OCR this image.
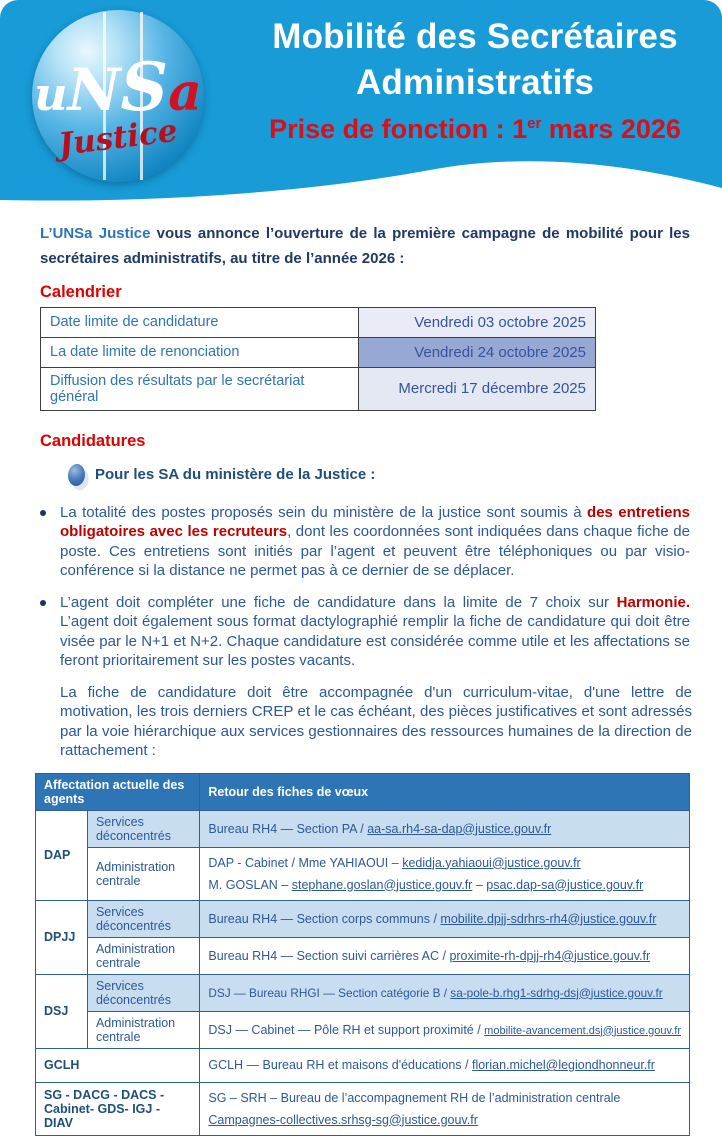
uNSa
Justice
Mobilité des Secrétaires
Administratifs
Prise de fonction : 1er mars 2026

L’UNSa Justice vous annonce l’ouverture de la première campagne de mobilité pour les secrétaires administratifs, au titre de l’année 2026 :

Calendrier
Date limite de candidature	Vendredi 03 octobre 2025
La date limite de renonciation	Vendredi 24 octobre 2025
Diffusion des résultats par le secrétariat général	Mercredi 17 décembre 2025
Candidatures
Pour les SA du ministère de la Justice :
La totalité des postes proposés sein du ministère de la justice sont soumis à des entretiens obligatoires avec les recruteurs, dont les coordonnées sont indiquées dans chaque fiche de poste. Ces entretiens sont initiés par l’agent et peuvent être téléphoniques ou par visio-conférence si la distance ne permet pas à ce dernier de se déplacer.
L’agent doit compléter une fiche de candidature dans la limite de 7 choix sur Harmonie. L’agent doit également sous format dactylographié remplir la fiche de candidature qui doit être visée par le N+1 et N+2. Chaque candidature est considérée comme utile et les affectations se feront prioritairement sur les postes vacants.

La fiche de candidature doit être accompagnée d'un curriculum-vitae, d'une lettre de motivation, les trois derniers CREP et le cas échéant, des pièces justificatives et sont adressés par la voie hiérarchique aux services gestionnaires des ressources humaines de la direction de rattachement :

Affectation actuelle des agents		Retour des fiches de vœux
DAP	Services déconcentrés	Bureau RH4 — Section PA / aa-sa.rh4-sa-dap@justice.gouv.fr
	Administration centrale	DAP - Cabinet / Mme YAHIAOUI – kedidja.yahiaoui@justice.gouv.fr
M. GOSLAN – stephane.goslan@justice.gouv.fr – psac.dap-sa@justice.gouv.fr

DPJJ	Services déconcentrés	Bureau RH4 — Section corps communs / mobilite.dpjj-sdrhrs-rh4@justice.gouv.fr
	Administration centrale	Bureau RH4 — Section suivi carrières AC / proximite-rh-dpjj-rh4@justice.gouv.fr
DSJ	Services déconcentrés	DSJ — Bureau RHGI — Section catégorie B / sa-pole-b.rhg1-sdrhg-dsj@justice.gouv.fr
	Administration centrale	DSJ — Cabinet — Pôle RH et support proximité / mobilite-avancement.dsj@justice.gouv.fr
GCLH		GCLH — Bureau RH et maisons d'éducations / florian.michel@legiondhonneur.fr
SG - DACG - DACS - Cabinet- GDS- IGJ - DIAV		SG – SRH – Bureau de l’accompagnement RH de l’administration centrale
Campagnes-collectives.srhsg-sg@justice.gouv.fr
